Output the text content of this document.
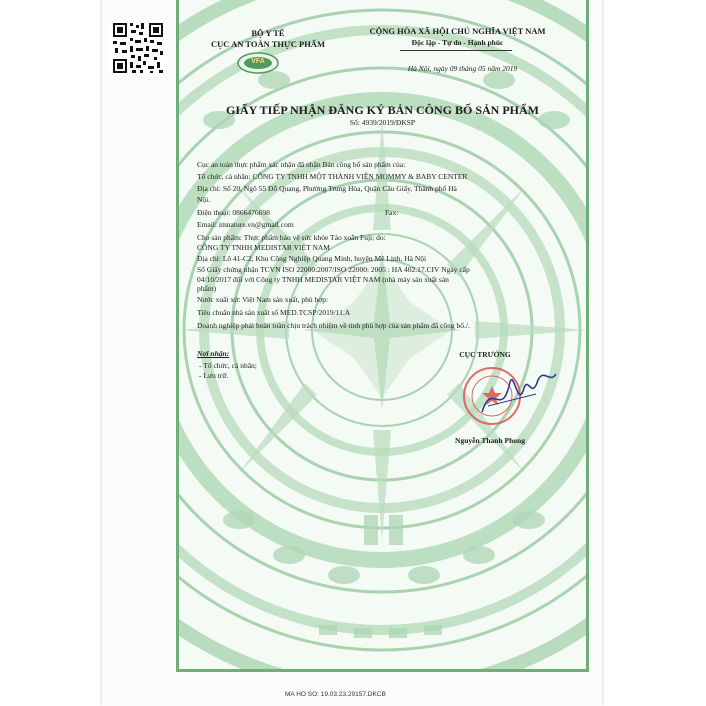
BỘ Y TẾ
CỤC AN TOÀN THỰC PHẨM
VFA
CỘNG HÒA XÃ HỘI CHỦ NGHĨA VIỆT NAM
Độc lập - Tự do - Hạnh phúc
Hà Nội, ngày 09 tháng 05 năm 2019
GIẤY TIẾP NHẬN ĐĂNG KÝ BẢN CÔNG BỐ SẢN PHẨM
Số: 4939/2019/ĐKSP
Cục an toàn thực phẩm xác nhận đã nhận Bản công bố sản phẩm của:
Tổ chức, cá nhân: CÔNG TY TNHH MỘT THÀNH VIÊN MOMMY & BABY CENTER
Địa chỉ: Số 20, Ngõ 55 Đỗ Quang, Phường Trung Hòa, Quận Cầu Giấy, Thành phố Hà
Nội.
Điện thoại: 0866476698	Fax:
Email: imnature.vn@gmail.com
Cho sản phẩm: Thực phẩm bảo vệ sức khỏe Táo xoắn Fuji; do:
CÔNG TY TNHH MEDISTAR VIỆT NAM
Địa chỉ: Lô 41-C2, Khu Công Nghiệp Quang Minh, huyện Mê Linh, Hà Nội
Số Giấy chứng nhận TCVN ISO 22000:2007/ISO 22000: 2005 : HA 402.17.CIV Ngày cấp
04/10/2017 đối với Công ty TNHH MEDISTAR VIỆT NAM (nhà máy sản xuất sản
phẩm)
Nước xuất xứ: Việt Nam sản xuất, phù hợp:
Tiêu chuẩn nhà sản xuất số MED.TCSP/2019/11.A
Doanh nghiệp phải hoàn toàn chịu trách nhiệm về tính phù hợp của sản phẩm đã công bố./.
Nơi nhận:
- Tổ chức, cá nhân;
- Lưu trữ.
CỤC TRƯỞNG
Nguyễn Thanh Phong
MA HO SO: 19.03.23.29157.DKCB
